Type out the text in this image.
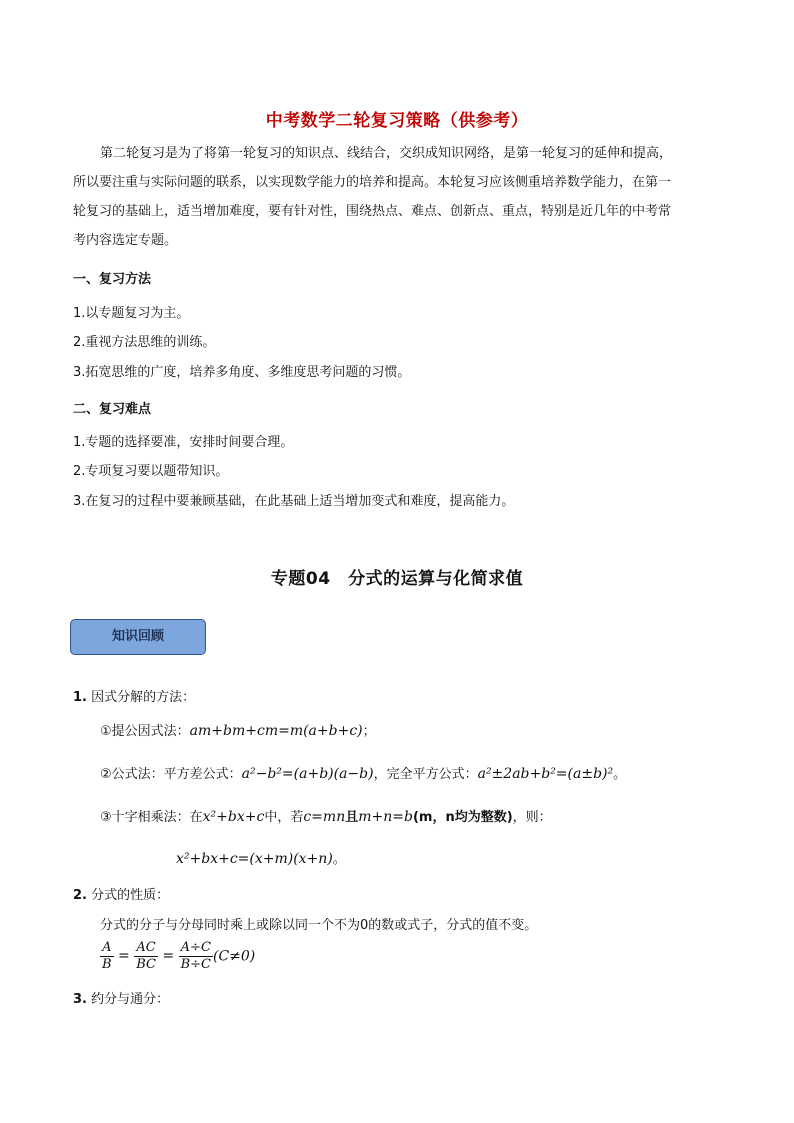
中考数学二轮复习策略（供参考）
第二轮复习是为了将第一轮复习的知识点、线结合，交织成知识网络，是第一轮复习的延伸和提高，
所以要注重与实际问题的联系，以实现数学能力的培养和提高。本轮复习应该侧重培养数学能力，在第一
轮复习的基础上，适当增加难度，要有针对性，围绕热点、难点、创新点、重点，特别是近几年的中考常
考内容选定专题。
一、复习方法
1.以专题复习为主。
2.重视方法思维的训练。
3.拓宽思维的广度，培养多角度、多维度思考问题的习惯。
二、复习难点
1.专题的选择要准，安排时间要合理。
2.专项复习要以题带知识。
3.在复习的过程中要兼顾基础，在此基础上适当增加变式和难度，提高能力。
专题04　分式的运算与化简求值
知识回顾
1. 因式分解的方法：
①提公因式法：am+bm+cm=m(a+b+c)；
②公式法：平方差公式：a²−b²=(a+b)(a−b)，完全平方公式：a²±2ab+b²=(a±b)²。
③十字相乘法：在x²+bx+c中，若c=mn且m+n=b(m，n均为整数)，则：
x²+bx+c=(x+m)(x+n)。
2. 分式的性质：
分式的分子与分母同时乘上或除以同一个不为0的数或式子，分式的值不变。
$\frac{A}{B} = \frac{AC}{BC} = \frac{A\div C}{B\div C} (C\ne 0)$
3. 约分与通分：
